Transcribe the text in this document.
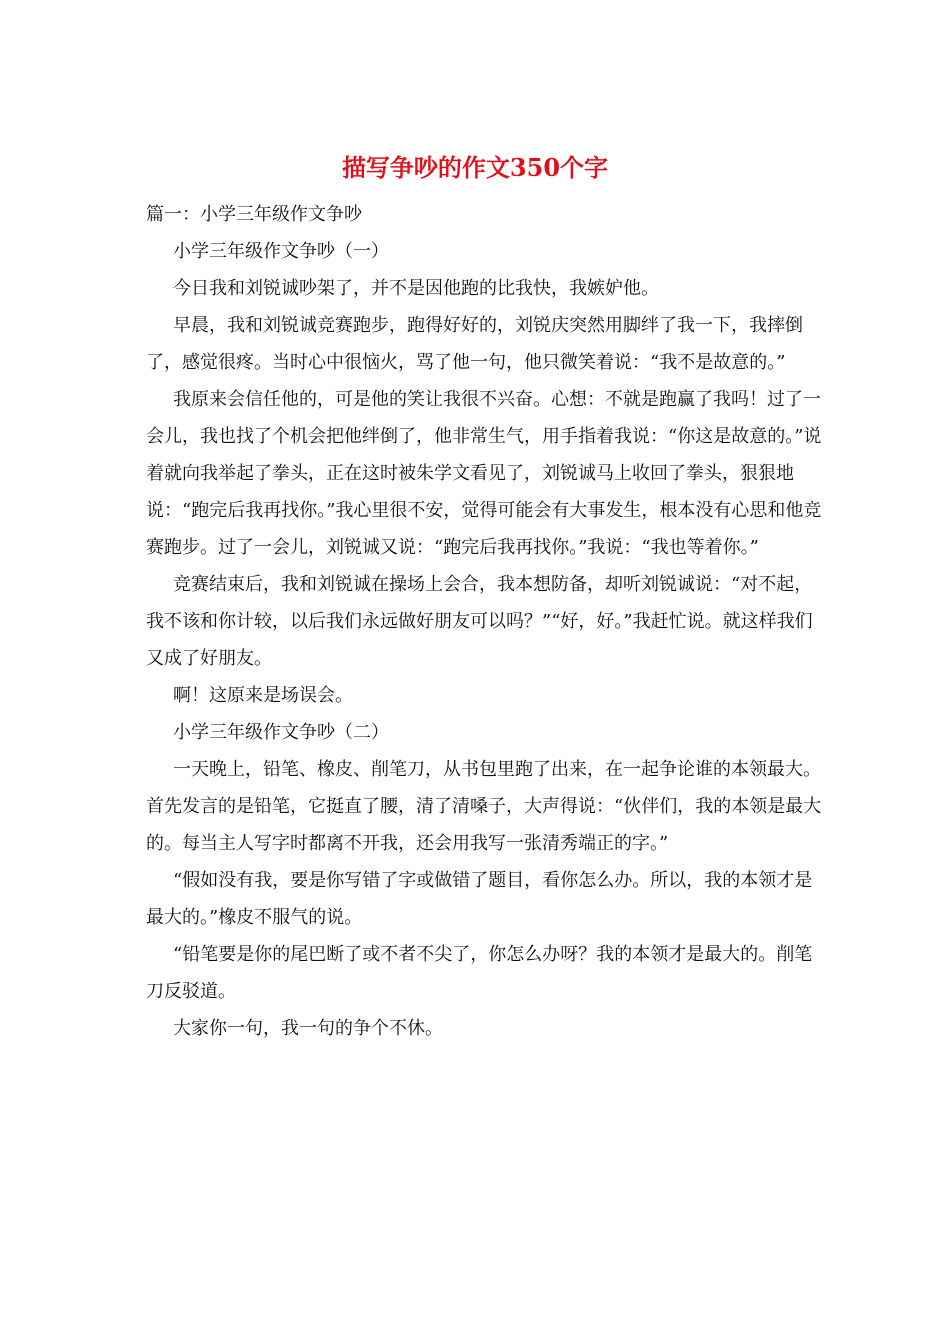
描写争吵的作文350个字

篇一：小学三年级作文争吵

小学三年级作文争吵（一）

今日我和刘锐诚吵架了，并不是因他跑的比我快，我嫉妒他。

早晨，我和刘锐诚竞赛跑步，跑得好好的，刘锐庆突然用脚绊了我一下，我摔倒了，感觉很疼。当时心中很恼火，骂了他一句，他只微笑着说：“我不是故意的。”

我原来会信任他的，可是他的笑让我很不兴奋。心想：不就是跑赢了我吗！过了一会儿，我也找了个机会把他绊倒了，他非常生气，用手指着我说：“你这是故意的。”说着就向我举起了拳头，正在这时被朱学文看见了，刘锐诚马上收回了拳头，狠狠地说：“跑完后我再找你。”我心里很不安，觉得可能会有大事发生，根本没有心思和他竞赛跑步。过了一会儿，刘锐诚又说：“跑完后我再找你。”我说：“我也等着你。”

竞赛结束后，我和刘锐诚在操场上会合，我本想防备，却听刘锐诚说：“对不起，我不该和你计较，以后我们永远做好朋友可以吗？”“好，好。”我赶忙说。就这样我们又成了好朋友。

啊！这原来是场误会。

小学三年级作文争吵（二）

一天晚上，铅笔、橡皮、削笔刀，从书包里跑了出来，在一起争论谁的本领最大。首先发言的是铅笔，它挺直了腰，清了清嗓子，大声得说：“伙伴们，我的本领是最大的。每当主人写字时都离不开我，还会用我写一张清秀端正的字。”

“假如没有我，要是你写错了字或做错了题目，看你怎么办。所以，我的本领才是最大的。”橡皮不服气的说。

“铅笔要是你的尾巴断了或不者不尖了，你怎么办呀？我的本领才是最大的。削笔刀反驳道。

大家你一句，我一句的争个不休。
